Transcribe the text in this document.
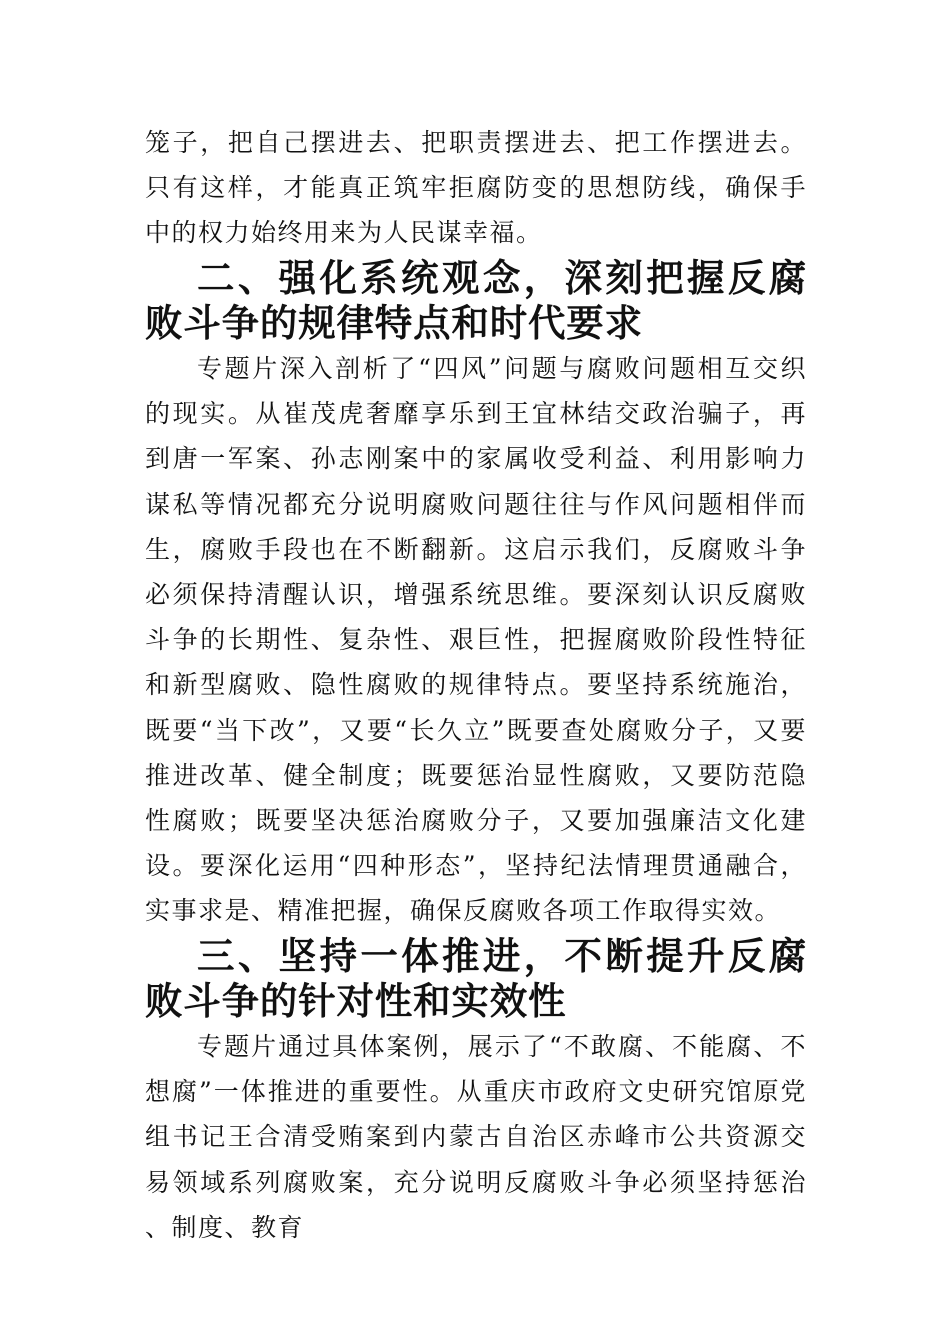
笼子，把自己摆进去、把职责摆进去、把工作摆进去。只有这样，才能真正筑牢拒腐防变的思想防线，确保手中的权力始终用来为人民谋幸福。

二、强化系统观念，深刻把握反腐败斗争的规律特点和时代要求

专题片深入剖析了“四风”问题与腐败问题相互交织的现实。从崔茂虎奢靡享乐到王宜林结交政治骗子，再到唐一军案、孙志刚案中的家属收受利益、利用影响力谋私等情况都充分说明腐败问题往往与作风问题相伴而生，腐败手段也在不断翻新。这启示我们，反腐败斗争必须保持清醒认识，增强系统思维。要深刻认识反腐败斗争的长期性、复杂性、艰巨性，把握腐败阶段性特征和新型腐败、隐性腐败的规律特点。要坚持系统施治，既要“当下改”，又要“长久立”既要查处腐败分子，又要推进改革、健全制度；既要惩治显性腐败，又要防范隐性腐败；既要坚决惩治腐败分子，又要加强廉洁文化建设。要深化运用“四种形态”，坚持纪法情理贯通融合，实事求是、精准把握，确保反腐败各项工作取得实效。

三、坚持一体推进，不断提升反腐败斗争的针对性和实效性

专题片通过具体案例，展示了“不敢腐、不能腐、不想腐”一体推进的重要性。从重庆市政府文史研究馆原党组书记王合清受贿案到内蒙古自治区赤峰市公共资源交易领域系列腐败案，充分说明反腐败斗争必须坚持惩治、制度、教育
